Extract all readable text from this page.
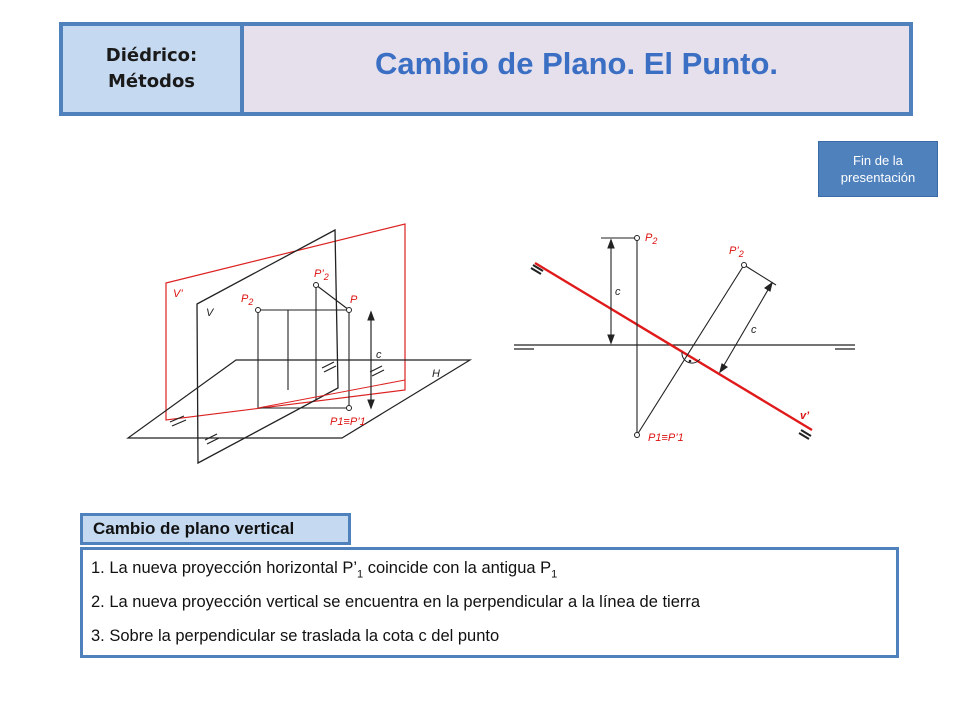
Diédrico:
Métodos
Cambio de Plano. El Punto.
Fin de la
presentación
V’
V
$P_2$
$P’_2$
P
c
H
P1≡P’1
$P_2$
$P’_2$
c
c
v’
P1≡P’1
Cambio de plano vertical
1. La nueva proyección horizontal $P’_1$ coincide con la antigua $P_1$
2. La nueva proyección vertical se encuentra en la perpendicular a la línea de tierra
3. Sobre la perpendicular se traslada la cota c del punto
